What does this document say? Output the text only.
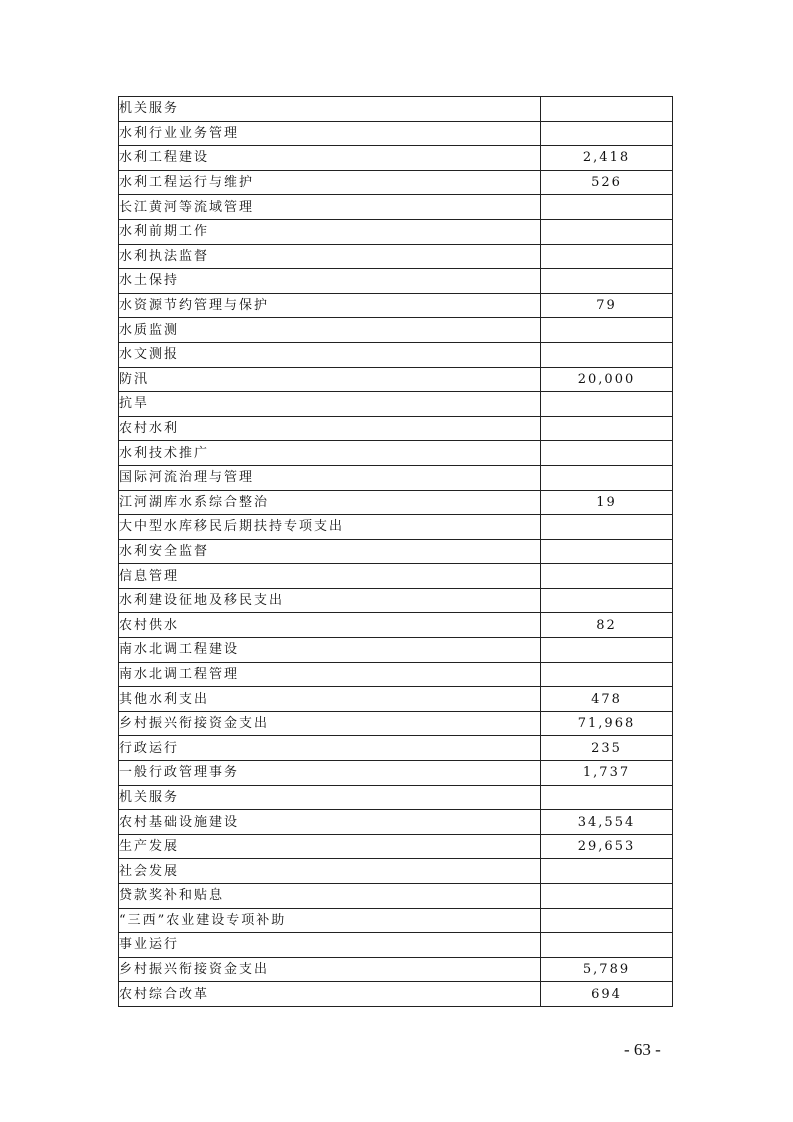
机关服务	
水利行业业务管理	
水利工程建设	2,418
水利工程运行与维护	526
长江黄河等流域管理	
水利前期工作	
水利执法监督	
水土保持	
水资源节约管理与保护	79
水质监测	
水文测报	
防汛	20,000
抗旱	
农村水利	
水利技术推广	
国际河流治理与管理	
江河湖库水系综合整治	19
大中型水库移民后期扶持专项支出	
水利安全监督	
信息管理	
水利建设征地及移民支出	
农村供水	82
南水北调工程建设	
南水北调工程管理	
其他水利支出	478
乡村振兴衔接资金支出	71,968
行政运行	235
一般行政管理事务	1,737
机关服务	
农村基础设施建设	34,554
生产发展	29,653
社会发展	
贷款奖补和贴息	
“三西”农业建设专项补助	
事业运行	
乡村振兴衔接资金支出	5,789
农村综合改革	694
- 63 -
